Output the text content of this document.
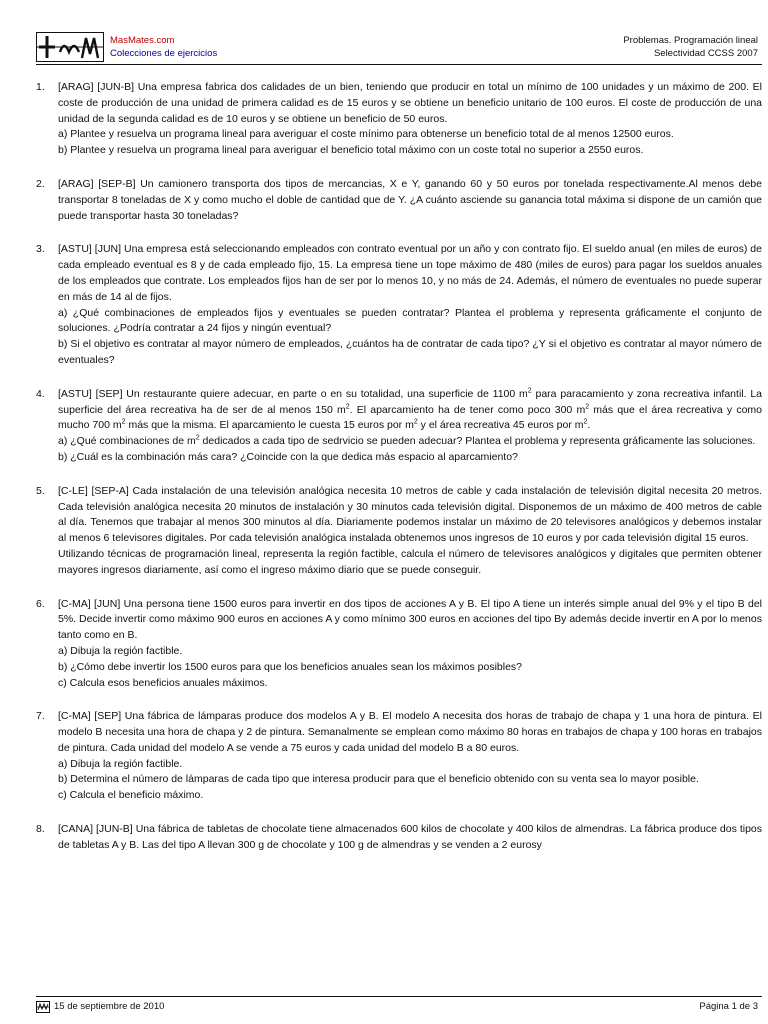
MasMates.com
Colecciones de ejercicios
Problemas. Programación lineal
Selectividad CCSS 2007
1.	[ARAG] [JUN-B] Una empresa fabrica dos calidades de un bien, teniendo que producir en total un mínimo de 100 unidades y un máximo de 200. El coste de producción de una unidad de primera calidad es de 15 euros y se obtiene un beneficio unitario de 100 euros. El coste de producción de una unidad de la segunda calidad es de 10 euros y se obtiene un beneficio de 50 euros.

a) Plantee y resuelva un programa lineal para averiguar el coste mínimo para obtenerse un beneficio total de al menos 12500 euros.

b) Plantee y resuelva un programa lineal para averiguar el beneficio total máximo con un coste total no superior a 2550 euros.

2.	[ARAG] [SEP-B] Un camionero transporta dos tipos de mercancias, X e Y, ganando 60 y 50 euros por tonelada respectivamente.Al menos debe transportar 8 toneladas de X y como mucho el doble de cantidad que de Y. ¿A cuánto asciende su ganancia total máxima si dispone de un camión que puede transportar hasta 30 toneladas?

3.	[ASTU] [JUN] Una empresa está seleccionando empleados con contrato eventual por un año y con contrato fijo. El sueldo anual (en miles de euros) de cada empleado eventual es 8 y de cada empleado fijo, 15. La empresa tiene un tope máximo de 480 (miles de euros) para pagar los sueldos anuales de los empleados que contrate. Los empleados fijos han de ser por lo menos 10, y no más de 24. Además, el número de eventuales no puede superar en más de 14 al de fijos.

a) ¿Qué combinaciones de empleados fijos y eventuales se pueden contratar? Plantea el problema y representa gráficamente el conjunto de soluciones. ¿Podría contratar a 24 fijos y ningún eventual?

b) Si el objetivo es contratar al mayor número de empleados, ¿cuántos ha de contratar de cada tipo? ¿Y si el objetivo es contratar al mayor número de eventuales?

4.	[ASTU] [SEP] Un restaurante quiere adecuar, en parte o en su totalidad, una superficie de 1100 $m^2$ para paracamiento y zona recreativa infantil. La superficie del área recreativa ha de ser de al menos 150 $m^2$. El aparcamiento ha de tener como poco 300 $m^2$ más que el área recreativa y como mucho 700 $m^2$ más que la misma. El aparcamiento le cuesta 15 euros por $m^2$ y el área recreativa 45 euros por $m^2$.

a) ¿Qué combinaciones de $m^2$ dedicados a cada tipo de sedrvicio se pueden adecuar? Plantea el problema y representa gráficamente las soluciones.

b) ¿Cuál es la combinación más cara? ¿Coincide con la que dedica más espacio al aparcamiento?

5.	[C-LE] [SEP-A] Cada instalación de una televisión analógica necesita 10 metros de cable y cada instalación de televisión digital necesita 20 metros. Cada televisión analógica necesita 20 minutos de instalación y 30 minutos cada televisión digital. Disponemos de un máximo de 400 metros de cable al día. Tenemos que trabajar al menos 300 minutos al día. Diariamente podemos instalar un máximo de 20 televisores analógicos y debemos instalar al menos 6 televisores digitales. Por cada televisión analógica instalada obtenemos unos ingresos de 10 euros y por cada televisión digital 15 euros.

Utilizando técnicas de programación lineal, representa la región factible, calcula el número de televisores analógicos y digitales que permiten obtener mayores ingresos diariamente, así como el ingreso máximo diario que se puede conseguir.

6.	[C-MA] [JUN] Una persona tiene 1500 euros para invertir en dos tipos de acciones A y B. El tipo A tiene un interés simple anual del 9% y el tipo B del 5%. Decide invertir como máximo 900 euros en acciones A y como mínimo 300 euros en acciones del tipo By además decide invertir en A por lo menos tanto como en B.

a) Dibuja la región factible.

b) ¿Cómo debe invertir los 1500 euros para que los beneficios anuales sean los máximos posibles?

c) Calcula esos beneficios anuales máximos.

7.	[C-MA] [SEP] Una fábrica de lámparas produce dos modelos A y B. El modelo A necesita dos horas de trabajo de chapa y 1 una hora de pintura. El modelo B necesita una hora de chapa y 2 de pintura. Semanalmente se emplean como máximo 80 horas en trabajos de chapa y 100 horas en trabajos de pintura. Cada unidad del modelo A se vende a 75 euros y cada unidad del modelo B a 80 euros.

a) Dibuja la región factible.

b) Determina el número de lámparas de cada tipo que interesa producir para que el beneficio obtenido con su venta sea lo mayor posible.

c) Calcula el beneficio máximo.

8.	[CANA] [JUN-B] Una fábrica de tabletas de chocolate tiene almacenados 600 kilos de chocolate y 400 kilos de almendras. La fábrica produce dos tipos de tabletas A y B. Las del tipo A llevan 300 g de chocolate y 100 g de almendras y se venden a 2 eurosy

15 de septiembre de 2010	Página 1 de 3
